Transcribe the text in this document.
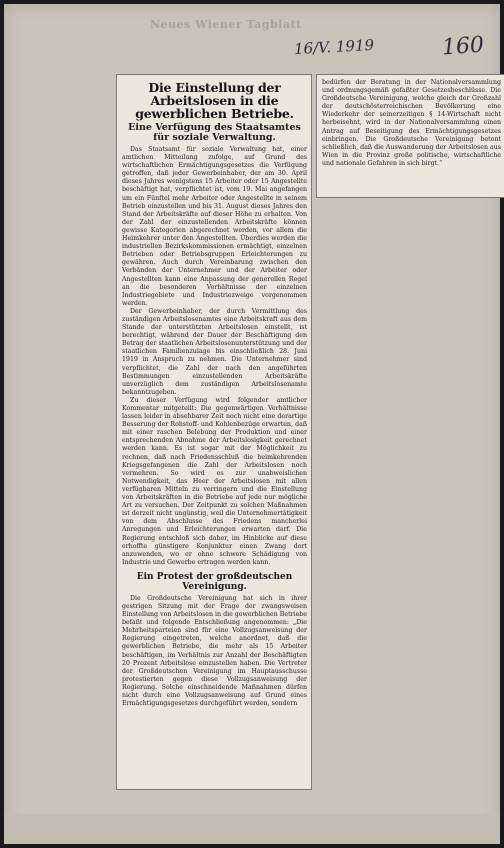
Neues Wiener Tagblatt
16/V. 1919	160
Die Einstellung der Arbeitslosen in die gewerblichen Betriebe.
Eine Verfügung des Staatsamtes für soziale Verwaltung.

Das Staatsamt für soziale Verwaltung hat, einer amtlichen Mitteilung zufolge, auf Grund des wirtschaftlichen Ermächtigungsgesetzes die Verfügung getroffen, daß jeder Gewerbeinhaber, der am 30. April dieses Jahres wenigstens 15 Arbeiter oder 15 Angestellte beschäftigt hat, verpflichtet ist, vom 19. Mai angefangen um ein Fünftel mehr Arbeiter oder Angestellte in seinem Betrieb einzustellen und bis 31. August dieses Jahres den Stand der Arbeitskräfte auf dieser Höhe zu erhalten. Von der Zahl der einzustellenden Arbeitskräfte können gewisse Kategorien abgerechnet werden, vor allem die Heimkehrer unter den Angestellten. Überdies werden die industriellen Bezirkskommissionen ermächtigt, einzelnen Betrieben oder Betriebsgruppen Erleichterungen zu gewähren. Auch durch Vereinbarung zwischen den Verbänden der Unternehmer und der Arbeiter oder Angestellten kann eine Anpassung der generellen Regel an die besonderen Verhältnisse der einzelnen Industriegebiete und Industriezweige vorgenommen werden.

Der Gewerbeinhaber, der durch Vermittlung des zuständigen Arbeitslosenamtes eine Arbeitskraft aus dem Stande der unterstützten Arbeitslosen einstellt, ist berechtigt, während der Dauer der Beschäftigung den Betrag der staatlichen Arbeitslosenunterstützung und der staatlichen Familienzulage bis einschließlich 28. Juni 1919 in Anspruch zu nehmen. Die Unternehmer sind verpflichtet, die Zahl der nach den angeführten Bestimmungen einzustellenden Arbeitskräfte unverzüglich dem zuständigen Arbeitslosenamte bekanntzugeben.

Zu dieser Verfügung wird folgender amtlicher Kommentar mitgeteilt: Die gegenwärtigen Verhältnisse lassen leider in absehbarer Zeit noch nicht eine derartige Besserung der Rohstoff- und Kohlenbezüge erwarten, daß mit einer raschen Belebung der Produktion und einer entsprechenden Abnahme der Arbeitslosigkeit gerechnet werden kann. Es ist sogar mit der Möglichkeit zu rechnen, daß nach Friedensschluß die heimkehrenden Kriegsgefangenen die Zahl der Arbeitslosen noch vermehren. So wird es zur unabweislichen Notwendigkeit, das Heer der Arbeitslosen mit allen verfügbaren Mitteln zu verringern und die Einstellung von Arbeitskräften in die Betriebe auf jede nur mögliche Art zu versuchen. Der Zeitpunkt zu solchen Maßnahmen ist derzeit nicht ungünstig, weil die Unternehmertätigkeit von dem Abschlusse des Friedens mancherlei Anregungen und Erleichterungen erwarten darf. Die Regierung entschloß sich daher, im Hinblicke auf diese erhoffte günstigere Konjunktur einen Zwang dort anzuwenden, wo er ohne schwere Schädigung von Industrie und Gewerbe ertragen werden kann.

Ein Protest der großdeutschen Vereinigung.

Die Großdeutsche Vereinigung hat sich in ihrer gestrigen Sitzung mit der Frage der zwangsweisen Einstellung von Arbeitslosen in die gewerblichen Betriebe befaßt und folgende Entschließung angenommen: „Die Mehrheitsparteien sind für eine Vollzugsanweisung der Regierung eingetreten, welche anordnet, daß die gewerblichen Betriebe, die mehr als 15 Arbeiter beschäftigen, im Verhältnis zur Anzahl der Beschäftigten 20 Prozent Arbeitslose einzustellen haben. Die Vertreter der Großdeutschen Vereinigung im Hauptausschusse protestierten gegen diese Vollzugsanweisung der Regierung. Solche einschneidende Maßnahmen dürfen nicht durch eine Vollzugsanweisung auf Grund eines Ermächtigungsgesetzes durchgeführt werden, sondern

bedürfen der Beratung in der Nationalversammlung und ordnungsgemäß gefaßter Gesetzesbeschlüsse. Die Großdeutsche Vereinigung, welche gleich der Großzahl der deutschösterreichischen Bevölkerung eine Wiederkehr der seinerzeitigen § 14-Wirtschaft nicht herbeisehnt, wird in der Nationalversammlung einen Antrag auf Beseitigung des Ermächtigungsgesetzes einbringen. Die Großdeutsche Vereinigung betont schließlich, daß die Auswanderung der Arbeitslosen aus Wien in die Provinz große politische, wirtschaftliche und nationale Gefahren in sich birgt.“
